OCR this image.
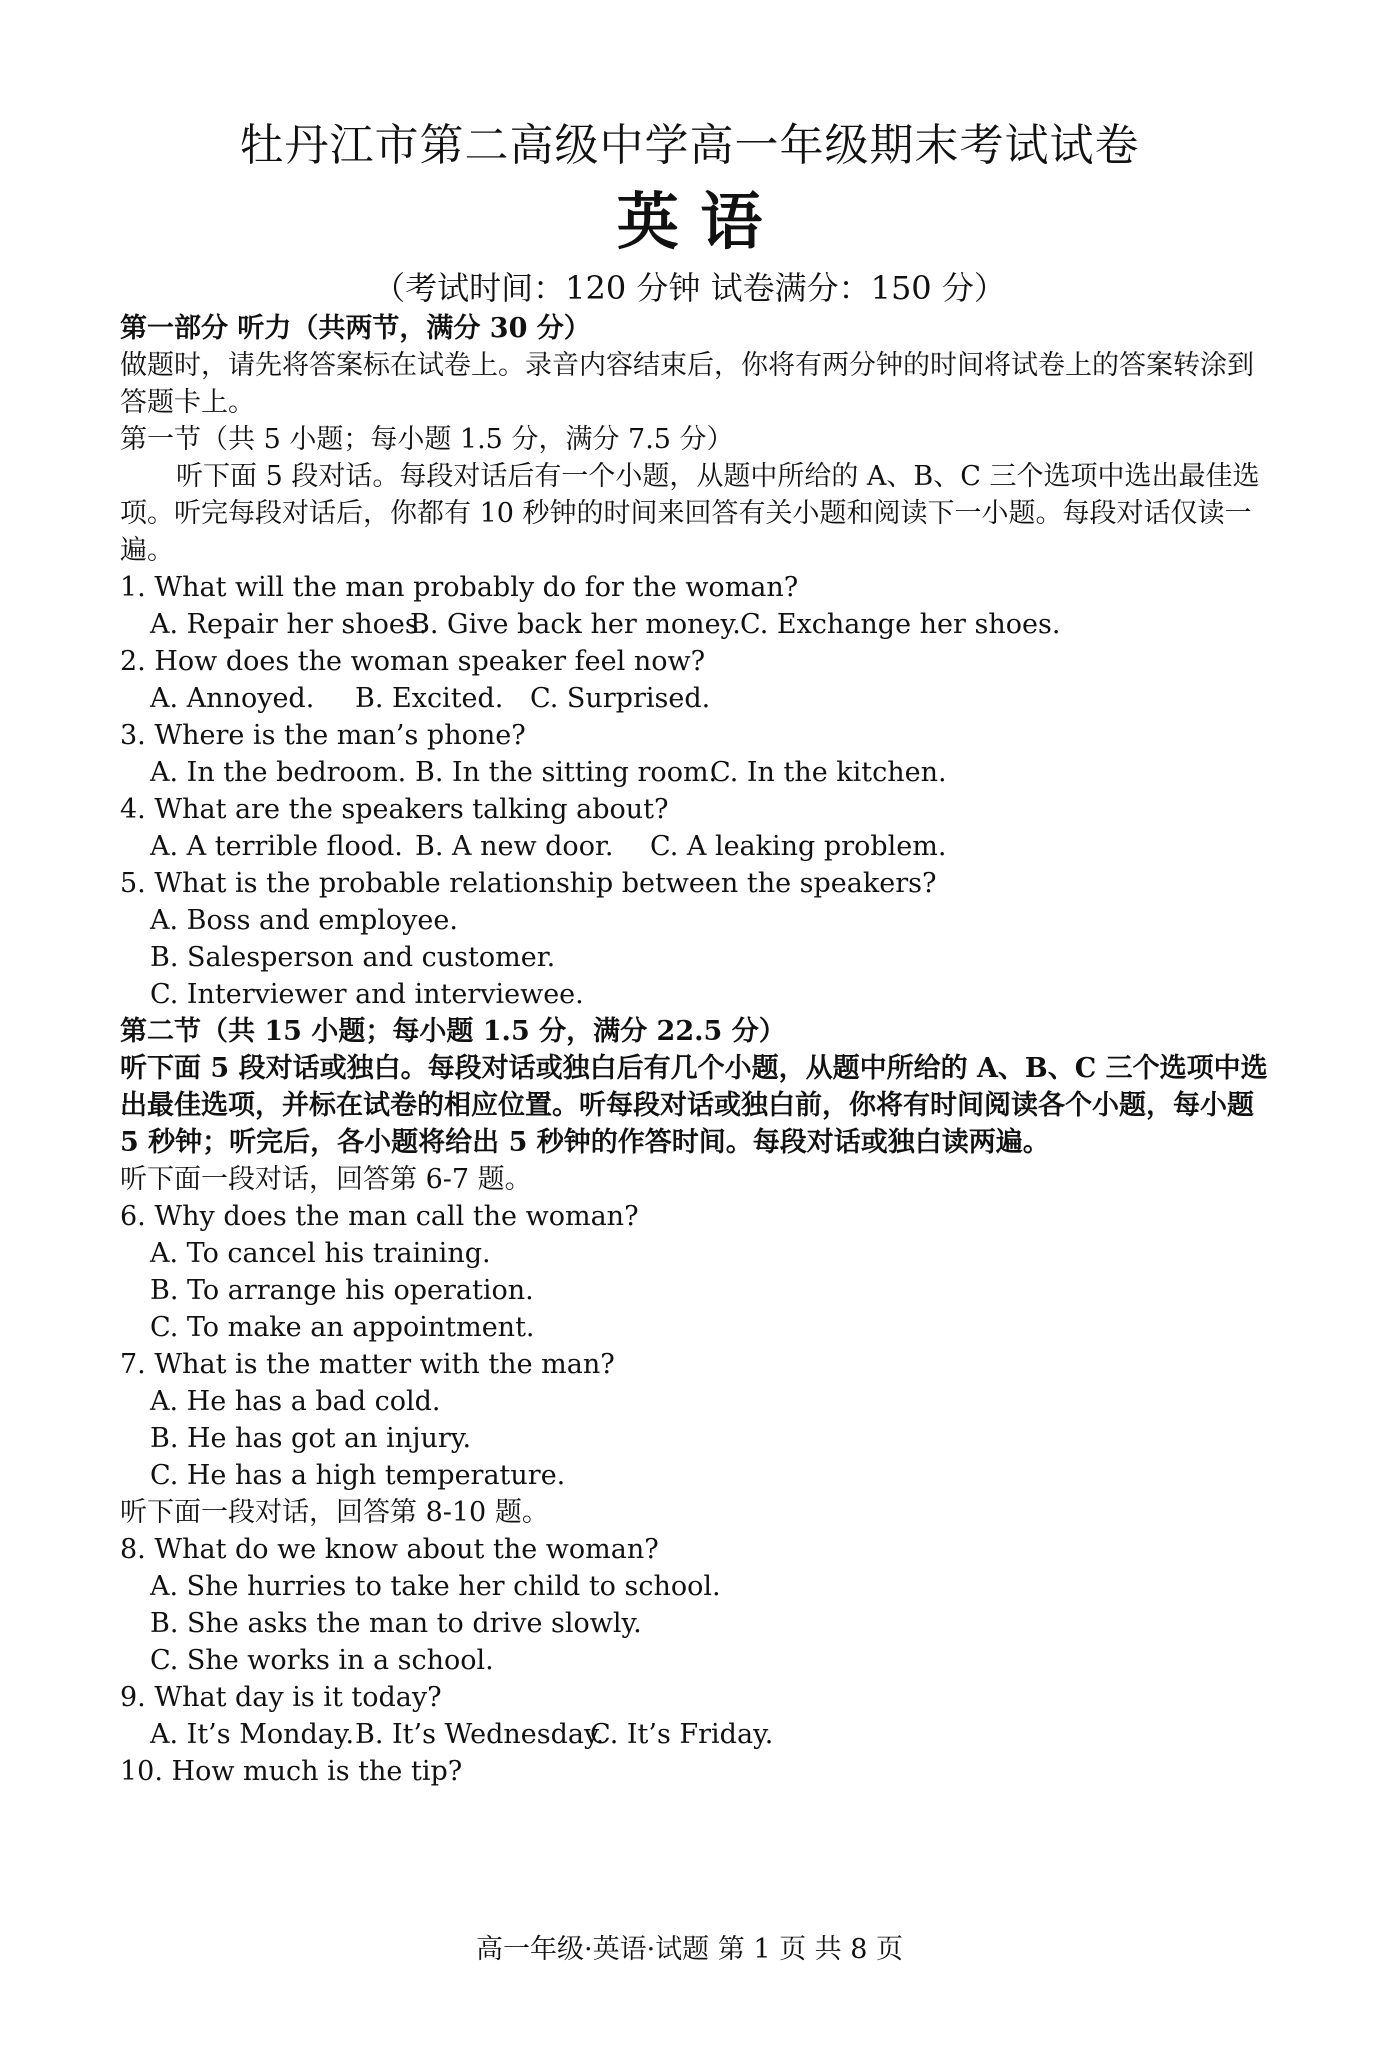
牡丹江市第二高级中学高一年级期末考试试卷
英 语
（考试时间：120 分钟 试卷满分：150 分）
第一部分 听力（共两节，满分 30 分）
做题时，请先将答案标在试卷上。录音内容结束后，你将有两分钟的时间将试卷上的答案转涂到答题卡上。
第一节（共 5 小题；每小题 1.5 分，满分 7.5 分）
听下面 5 段对话。每段对话后有一个小题，从题中所给的 A、B、C 三个选项中选出最佳选项。听完每段对话后，你都有 10 秒钟的时间来回答有关小题和阅读下一小题。每段对话仅读一遍。
1. What will the man probably do for the woman?
A. Repair her shoes.B. Give back her money.C. Exchange her shoes.
2. How does the woman speaker feel now?
A. Annoyed. B. Excited. C. Surprised.
3. Where is the man’s phone?
A. In the bedroom. B. In the sitting room.C. In the kitchen.
4. What are the speakers talking about?
A. A terrible flood. B. A new door. C. A leaking problem.
5. What is the probable relationship between the speakers?
A. Boss and employee.
B. Salesperson and customer.
C. Interviewer and interviewee.
第二节（共 15 小题；每小题 1.5 分，满分 22.5 分）
听下面 5 段对话或独白。每段对话或独白后有几个小题，从题中所给的 A、B、C 三个选项中选出最佳选项，并标在试卷的相应位置。听每段对话或独白前，你将有时间阅读各个小题，每小题 5 秒钟；听完后，各小题将给出 5 秒钟的作答时间。每段对话或独白读两遍。
听下面一段对话，回答第 6-7 题。
6. Why does the man call the woman?
A. To cancel his training.
B. To arrange his operation.
C. To make an appointment.
7. What is the matter with the man?
A. He has a bad cold.
B. He has got an injury.
C. He has a high temperature.
听下面一段对话，回答第 8-10 题。
8. What do we know about the woman?
A. She hurries to take her child to school.
B. She asks the man to drive slowly.
C. She works in a school.
9. What day is it today?
A. It’s Monday.B. It’s Wednesday.C. It’s Friday.
10. How much is the tip?
高一年级·英语·试题 第 1 页 共 8 页
